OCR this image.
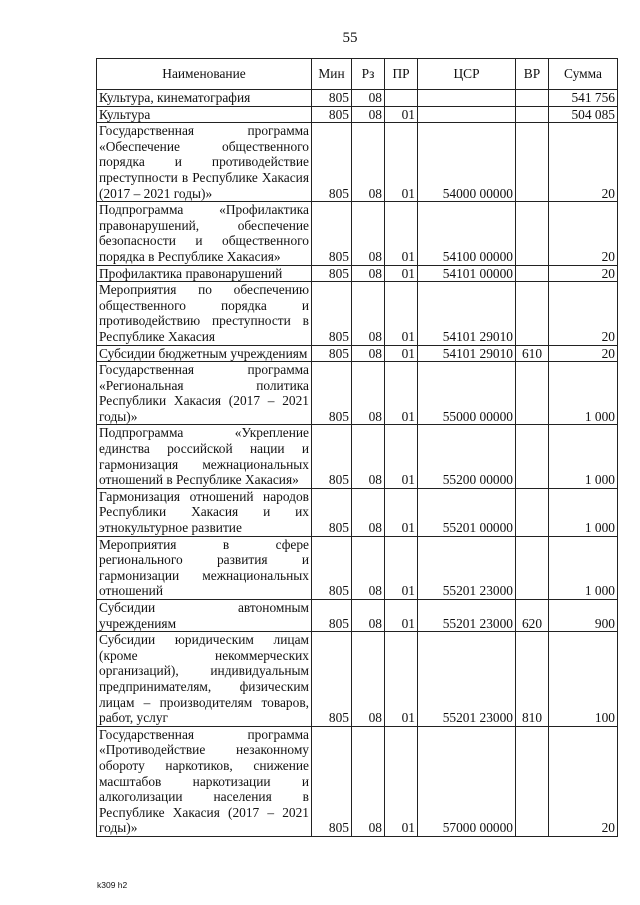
55
Наименование	Мин	Рз	ПР	ЦСР	ВР	Сумма
Культура, кинематография	805	08				541 756
Культура	805	08	01			504 085
Государственная программа «Обеспечение общественного порядка и противодействие преступности в Республике Хакасия (2017 – 2021 годы)»	805	08	01	54000 00000		20
Подпрограмма «Профилактика правонарушений, обеспечение безопасности и общественного порядка в Республике Хакасия»	805	08	01	54100 00000		20
Профилактика правонарушений	805	08	01	54101 00000		20
Мероприятия по обеспечению общественного порядка и противодействию преступности в Республике Хакасия	805	08	01	54101 29010		20
Субсидии бюджетным учреждениям	805	08	01	54101 29010	610	20
Государственная программа «Региональная политика Республики Хакасия (2017 – 2021 годы)»	805	08	01	55000 00000		1 000
Подпрограмма «Укрепление единства российской нации и гармонизация межнациональных отношений в Республике Хакасия»	805	08	01	55200 00000		1 000
Гармонизация отношений народов Республики Хакасия и их этнокультурное развитие	805	08	01	55201 00000		1 000
Мероприятия в сфере регионального развития и гармонизации межнациональных отношений	805	08	01	55201 23000		1 000
Субсидии автономным учреждениям	805	08	01	55201 23000	620	900
Субсидии юридическим лицам (кроме некоммерческих организаций), индивидуальным предпринимателям, физическим лицам – производителям товаров, работ, услуг	805	08	01	55201 23000	810	100
Государственная программа «Противодействие незаконному обороту наркотиков, снижение масштабов наркотизации и алкоголизации населения в Республике Хакасия (2017 – 2021 годы)»	805	08	01	57000 00000		20
k309 h2
